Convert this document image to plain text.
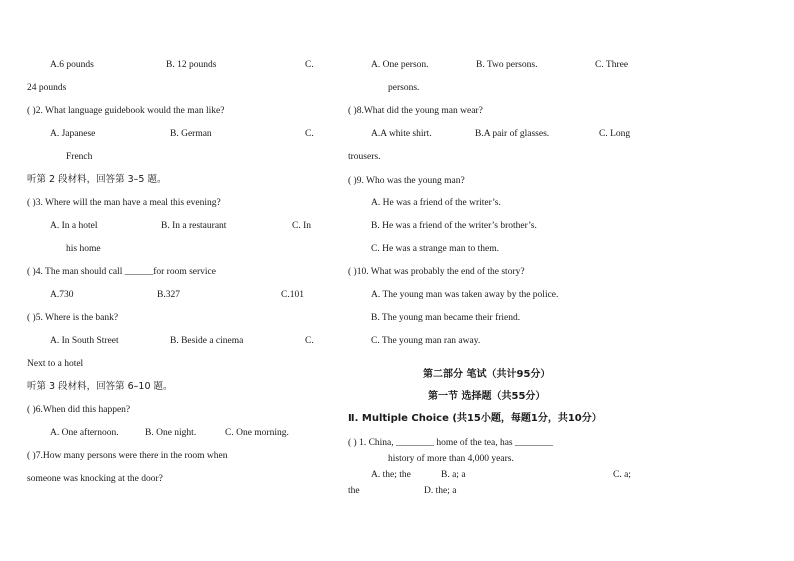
A.6 pounds	B. 12 pounds	C.
24 pounds
( )2. What language guidebook would the man like?
A. Japanese	B. German	C.
French
听第 2 段材料，回答第 3–5 题。
( )3. Where will the man have a meal this evening?
A. In a hotel	B. In a restaurant	C. In
his home
( )4. The man should call ______for room service
A.730	B.327	C.101
( )5. Where is the bank?
A. In South Street	B. Beside a cinema	C.
Next to a hotel
听第 3 段材料，回答第 6–10 题。
( )6.When did this happen?
A. One afternoon.	B. One night.	C. One morning.
( )7.How many persons were there in the room when
someone was knocking at the door?
A. One person.	B. Two persons.	C. Three
persons.
( )8.What did the young man wear?
A.A white shirt.	B.A pair of glasses.	C. Long
trousers.
( )9. Who was the young man?
A. He was a friend of the writer’s.
B. He was a friend of the writer’s brother’s.
C. He was a strange man to them.
( )10. What was probably the end of the story?
A. The young man was taken away by the police.
B. The young man became their friend.
C. The young man ran away.
第二部分 笔试（共计95分）
第一节 选择题（共55分）
Ⅱ. Multiple Choice (共15小题，每题1分，共10分）
( ) 1. China, ________ home of the tea, has ________
history of more than 4,000 years.
A. the; the	B. a; a	C. a;
the	D. the; a
